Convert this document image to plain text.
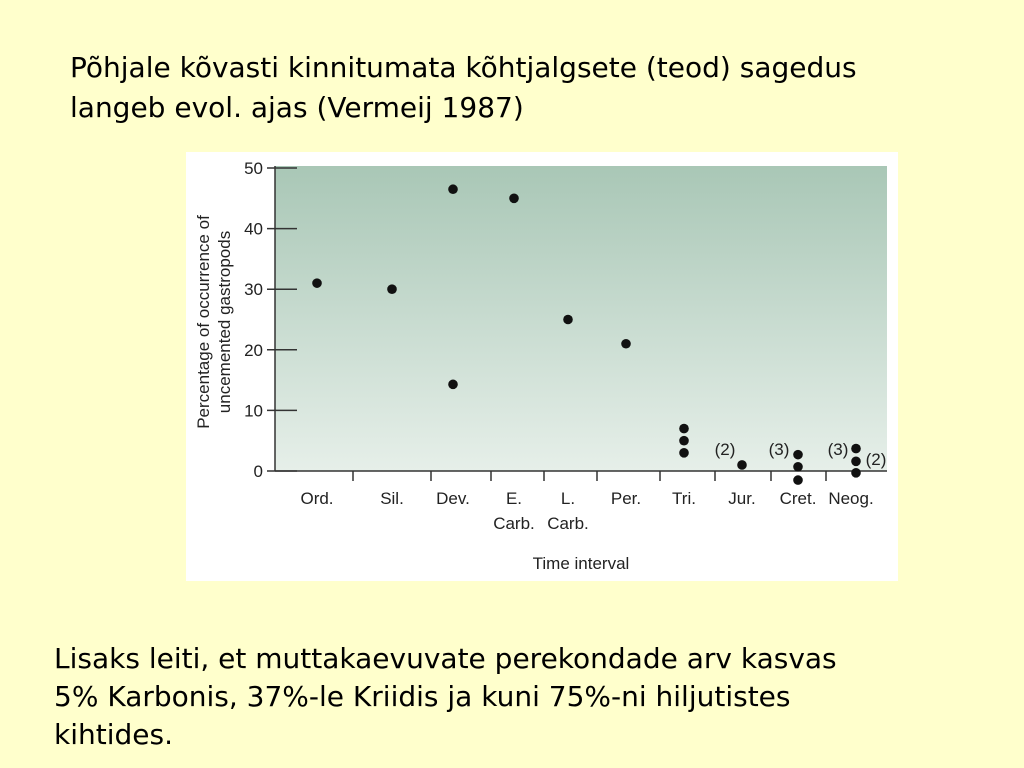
Põhjale kõvasti kinnitumata kõhtjalgsete (teod) sagedus
langeb evol. ajas (Vermeij 1987)
0
10
20
30
40
50
Ord.	Sil. Dev. E.
Carb.
L.
Carb.
Per. Tri. Jur. Cret. Neog.
(2) (3) (3)
(2)
Time interval
Percentage of occurrence of uncemented gastropods
Lisaks leiti, et muttakaevuvate perekondade arv kasvas
5% Karbonis, 37%-le Kriidis ja kuni 75%-ni hiljutistes
kihtides.
